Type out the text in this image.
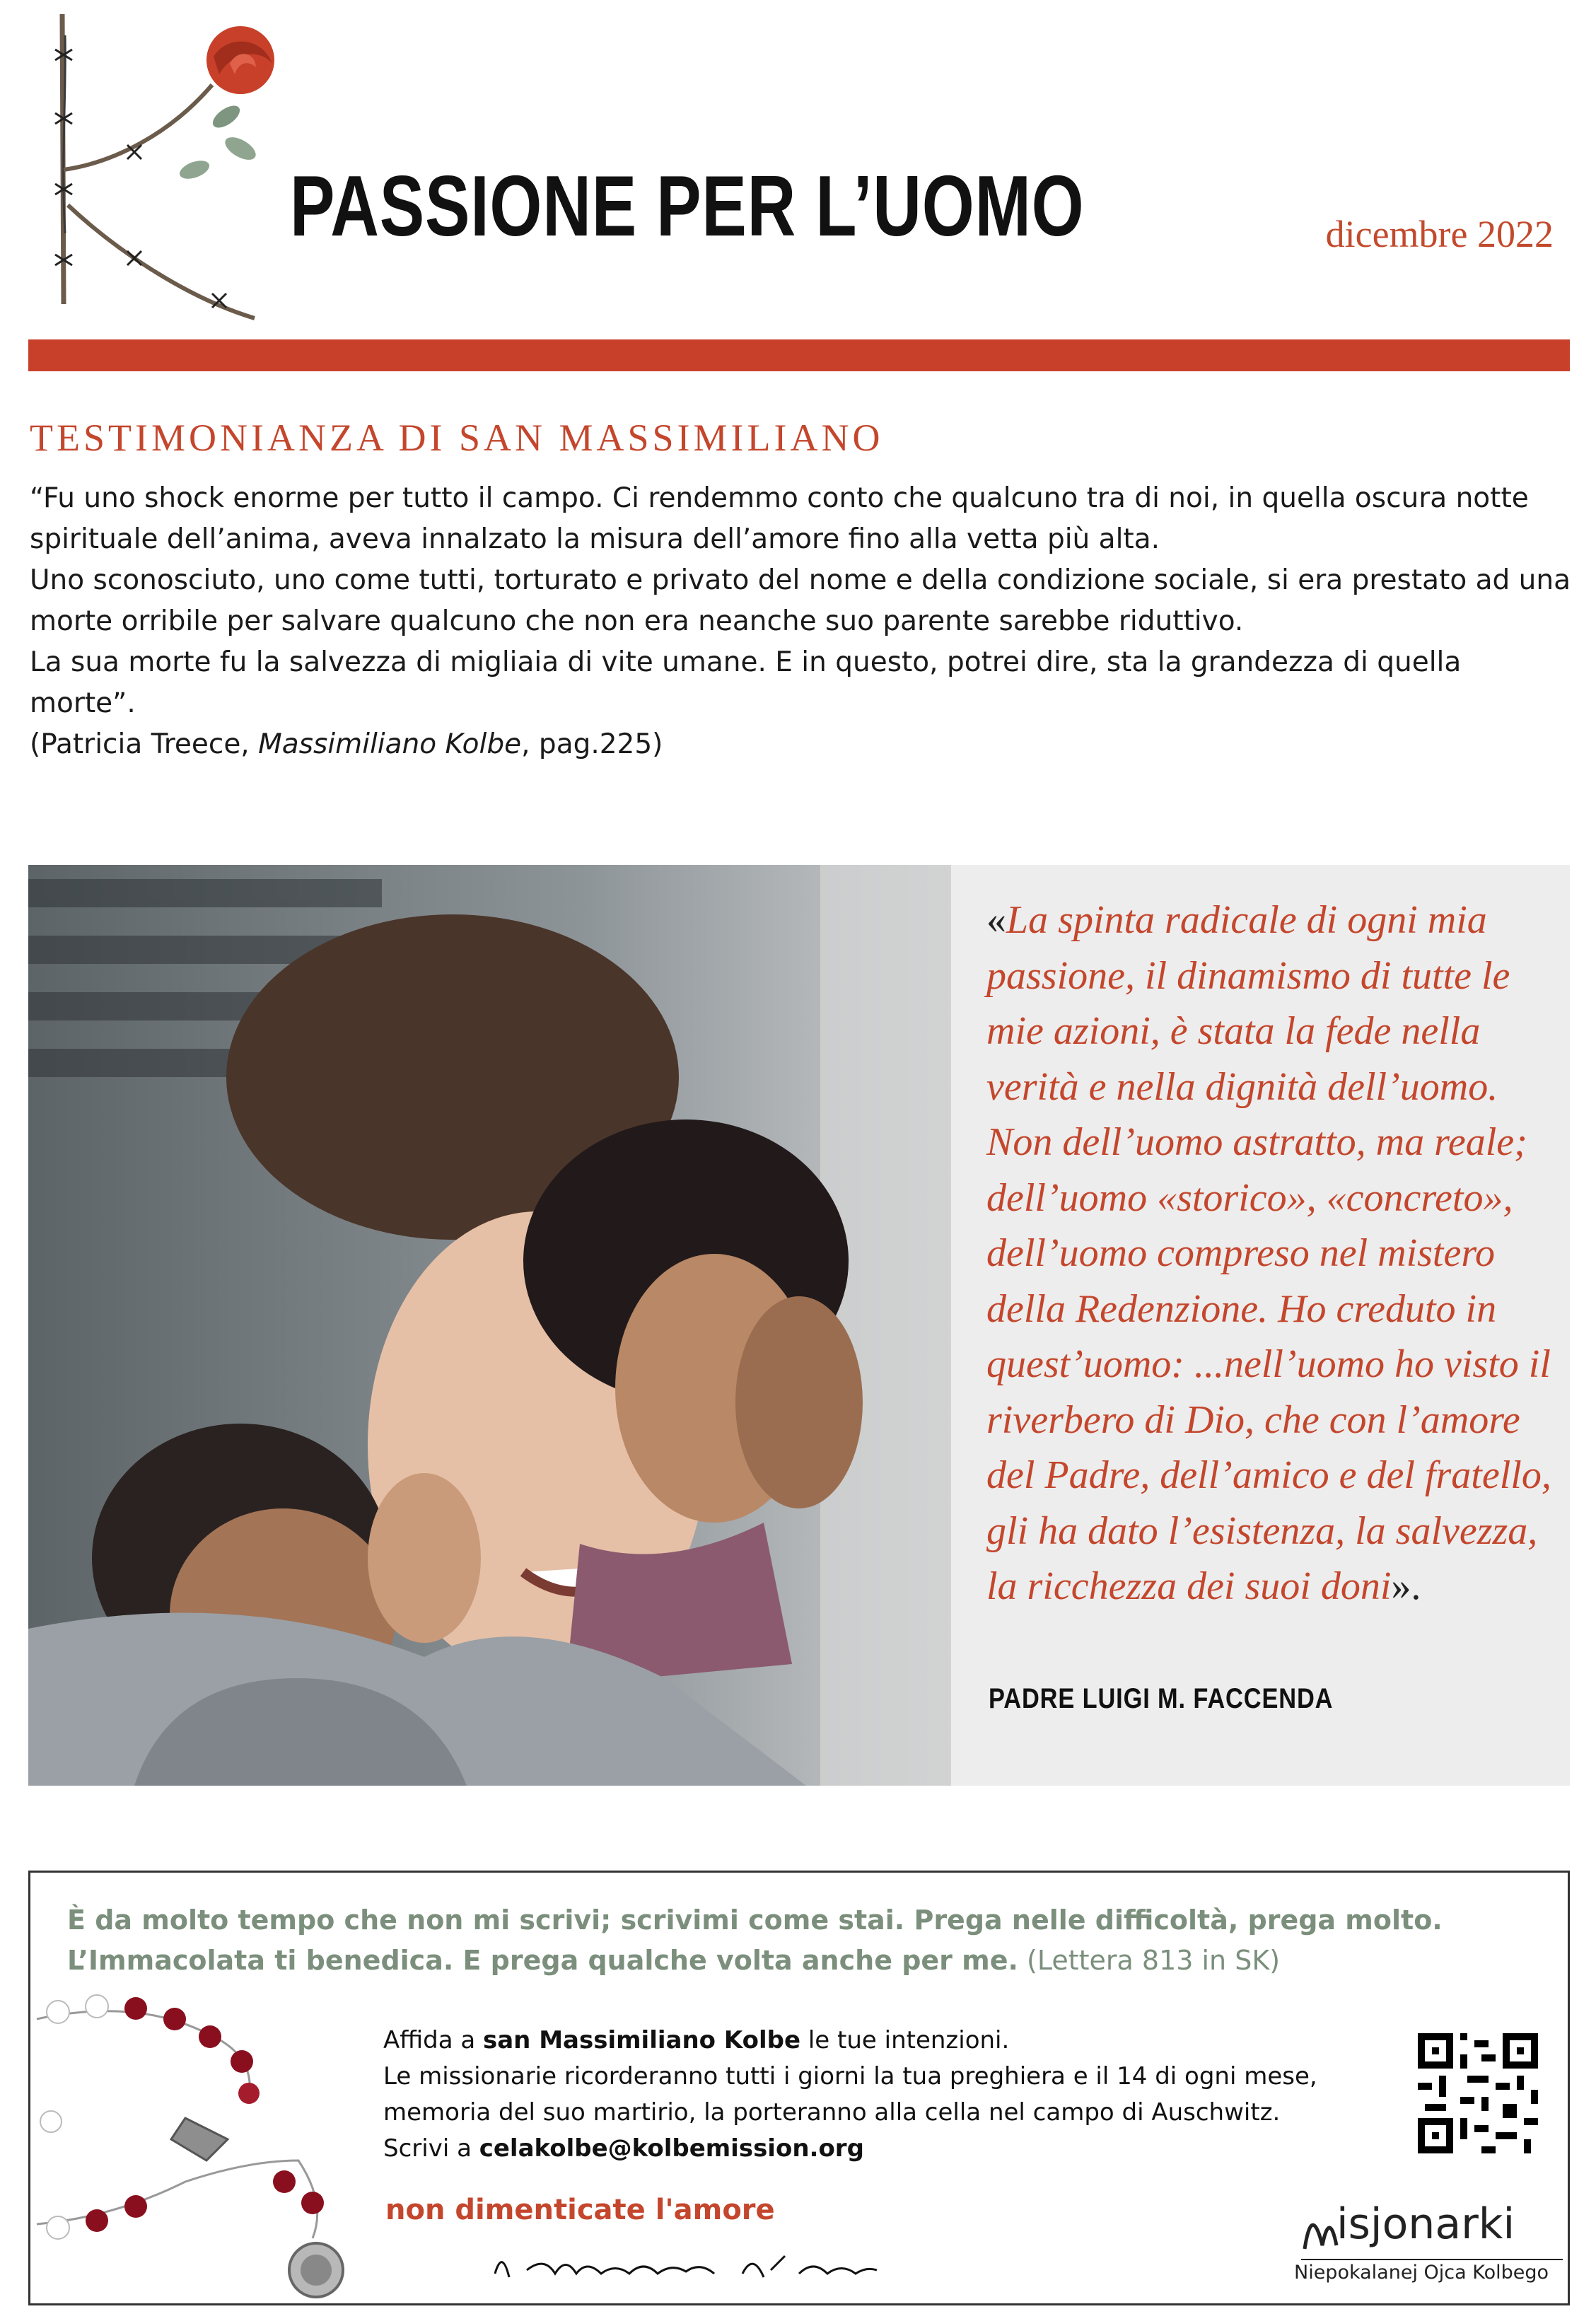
PASSIONE PER L’UOMO	dicembre 2022
TESTIMONIANZA DI SAN MASSIMILIANO

“Fu uno shock enorme per tutto il campo. Ci rendemmo conto che qualcuno tra di noi, in quella oscura notte spirituale dell’anima, aveva innalzato la misura dell’amore fino alla vetta più alta.

Uno sconosciuto, uno come tutti, torturato e privato del nome e della condizione sociale, si era prestato ad una morte orribile per salvare qualcuno che non era neanche suo parente sarebbe riduttivo.

La sua morte fu la salvezza di migliaia di vite umane. E in questo, potrei dire, sta la grandezza di quella morte”.

(Patricia Treece, Massimiliano Kolbe, pag.225)

«La spinta radicale di ogni mia passione, il dinamismo di tutte le mie azioni, è stata la fede nella verità e nella dignità dell’uomo. Non dell’uomo astratto, ma reale; dell’uomo «storico», «concreto», dell’uomo compreso nel mistero della Redenzione. Ho creduto in quest’uomo: ...nell’uomo ho visto il riverbero di Dio, che con l’amore del Padre, dell’amico e del fratello, gli ha dato l’esistenza, la salvezza, la ricchezza dei suoi doni».
PADRE LUIGI M. FACCENDA
È da molto tempo che non mi scrivi; scrivimi come stai. Prega nelle difficoltà, prega molto. L’Immacolata ti benedica. E prega qualche volta anche per me. (Lettera 813 in SK)

Affida a san Massimiliano Kolbe le tue intenzioni.

Le missionarie ricorderanno tutti i giorni la tua preghiera e il 14 di ogni mese, memoria del suo martirio, la porteranno alla cella nel campo di Auschwitz.

Scrivi a celakolbe@kolbemission.org

non dimenticate l'amore	isjonarki
Niepokalanej Ojca Kolbego
